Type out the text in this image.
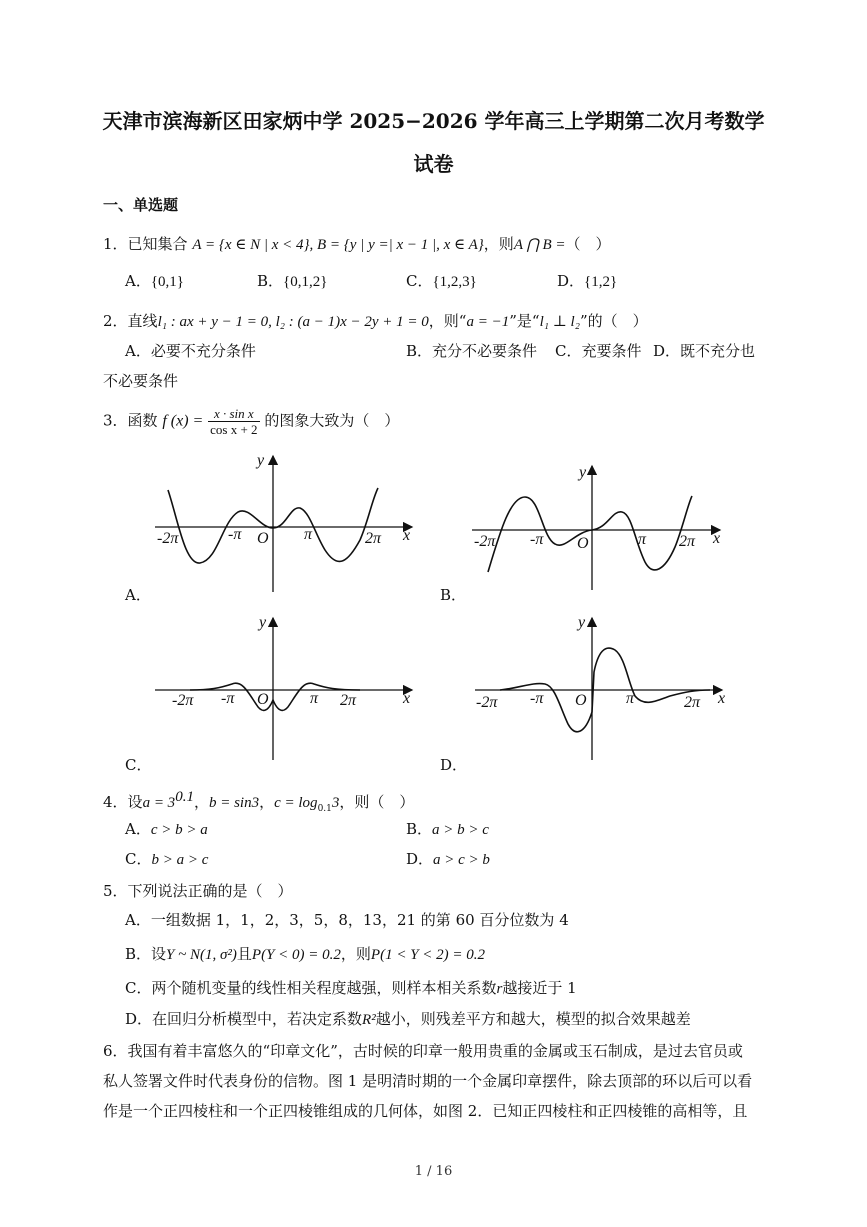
天津市滨海新区田家炳中学 2025−2026 学年高三上学期第二次月考数学
试卷
一、单选题
1．已知集合 A = {x ∈ N | x < 4}, B = {y | y =| x − 1 |, x ∈ A}，则A ⋂ B =（　）
A．{0,1}	B．{0,1,2}	C．{1,2,3}	D．{1,2}
2．直线l₁ : ax + y − 1 = 0, l₂ : (a − 1)x − 2y + 1 = 0，则“a = −1”是“l₁ ⊥ l₂”的（　）
A．必要不充分条件	B．充分不必要条件 C．充要条件 D．既不充分也
不必要条件
3．函数 f $(x) = \frac{\text{x · sin x}}{\text{cos x + 2}}$ 的图象大致为（　）
y
x
O
-2π	-π	π	2π
A．
y
x
O
-2π -π	π 2π
B．
y
x
O
-2π -π	π 2π
C．
y
x
O
-2π -π	π	2π
D．
4．设$a = 3^{0.1}$，b = sin3，$c = \log_{0.1}3$，则（　）
A．c > b > a	B．a > b > c
C．b > a > c	D．a > c > b
5．下列说法正确的是（　）
A．一组数据 1，1，2，3，5，8，13，21 的第 60 百分位数为 4
B．设Y ~ N(1, σ²)且P(Y < 0) = 0.2，则P(1 < Y < 2) = 0.2
C．两个随机变量的线性相关程度越强，则样本相关系数r越接近于 1
D．在回归分析模型中，若决定系数R²越小，则残差平方和越大，模型的拟合效果越差
6．我国有着丰富悠久的“印章文化”，古时候的印章一般用贵重的金属或玉石制成，是过去官员或
私人签署文件时代表身份的信物。图 1 是明清时期的一个金属印章摆件，除去顶部的环以后可以看
作是一个正四棱柱和一个正四棱锥组成的几何体，如图 2．已知正四棱柱和正四棱锥的高相等，且
1 / 16
